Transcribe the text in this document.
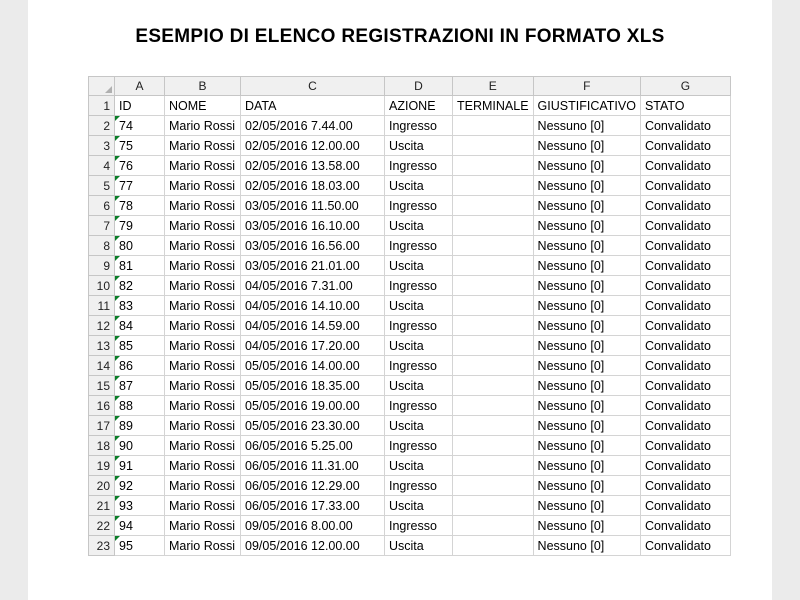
ESEMPIO DI ELENCO REGISTRAZIONI IN FORMATO XLS
	A	B	C	D	E	F	G
1	ID	NOME	DATA	AZIONE	TERMINALE	GIUSTIFICATIVO	STATO
2	74	Mario Rossi	02/05/2016 7.44.00	Ingresso		Nessuno [0]	Convalidato
3	75	Mario Rossi	02/05/2016 12.00.00	Uscita		Nessuno [0]	Convalidato
4	76	Mario Rossi	02/05/2016 13.58.00	Ingresso		Nessuno [0]	Convalidato
5	77	Mario Rossi	02/05/2016 18.03.00	Uscita		Nessuno [0]	Convalidato
6	78	Mario Rossi	03/05/2016 11.50.00	Ingresso		Nessuno [0]	Convalidato
7	79	Mario Rossi	03/05/2016 16.10.00	Uscita		Nessuno [0]	Convalidato
8	80	Mario Rossi	03/05/2016 16.56.00	Ingresso		Nessuno [0]	Convalidato
9	81	Mario Rossi	03/05/2016 21.01.00	Uscita		Nessuno [0]	Convalidato
10	82	Mario Rossi	04/05/2016 7.31.00	Ingresso		Nessuno [0]	Convalidato
11	83	Mario Rossi	04/05/2016 14.10.00	Uscita		Nessuno [0]	Convalidato
12	84	Mario Rossi	04/05/2016 14.59.00	Ingresso		Nessuno [0]	Convalidato
13	85	Mario Rossi	04/05/2016 17.20.00	Uscita		Nessuno [0]	Convalidato
14	86	Mario Rossi	05/05/2016 14.00.00	Ingresso		Nessuno [0]	Convalidato
15	87	Mario Rossi	05/05/2016 18.35.00	Uscita		Nessuno [0]	Convalidato
16	88	Mario Rossi	05/05/2016 19.00.00	Ingresso		Nessuno [0]	Convalidato
17	89	Mario Rossi	05/05/2016 23.30.00	Uscita		Nessuno [0]	Convalidato
18	90	Mario Rossi	06/05/2016 5.25.00	Ingresso		Nessuno [0]	Convalidato
19	91	Mario Rossi	06/05/2016 11.31.00	Uscita		Nessuno [0]	Convalidato
20	92	Mario Rossi	06/05/2016 12.29.00	Ingresso		Nessuno [0]	Convalidato
21	93	Mario Rossi	06/05/2016 17.33.00	Uscita		Nessuno [0]	Convalidato
22	94	Mario Rossi	09/05/2016 8.00.00	Ingresso		Nessuno [0]	Convalidato
23	95	Mario Rossi	09/05/2016 12.00.00	Uscita		Nessuno [0]	Convalidato
